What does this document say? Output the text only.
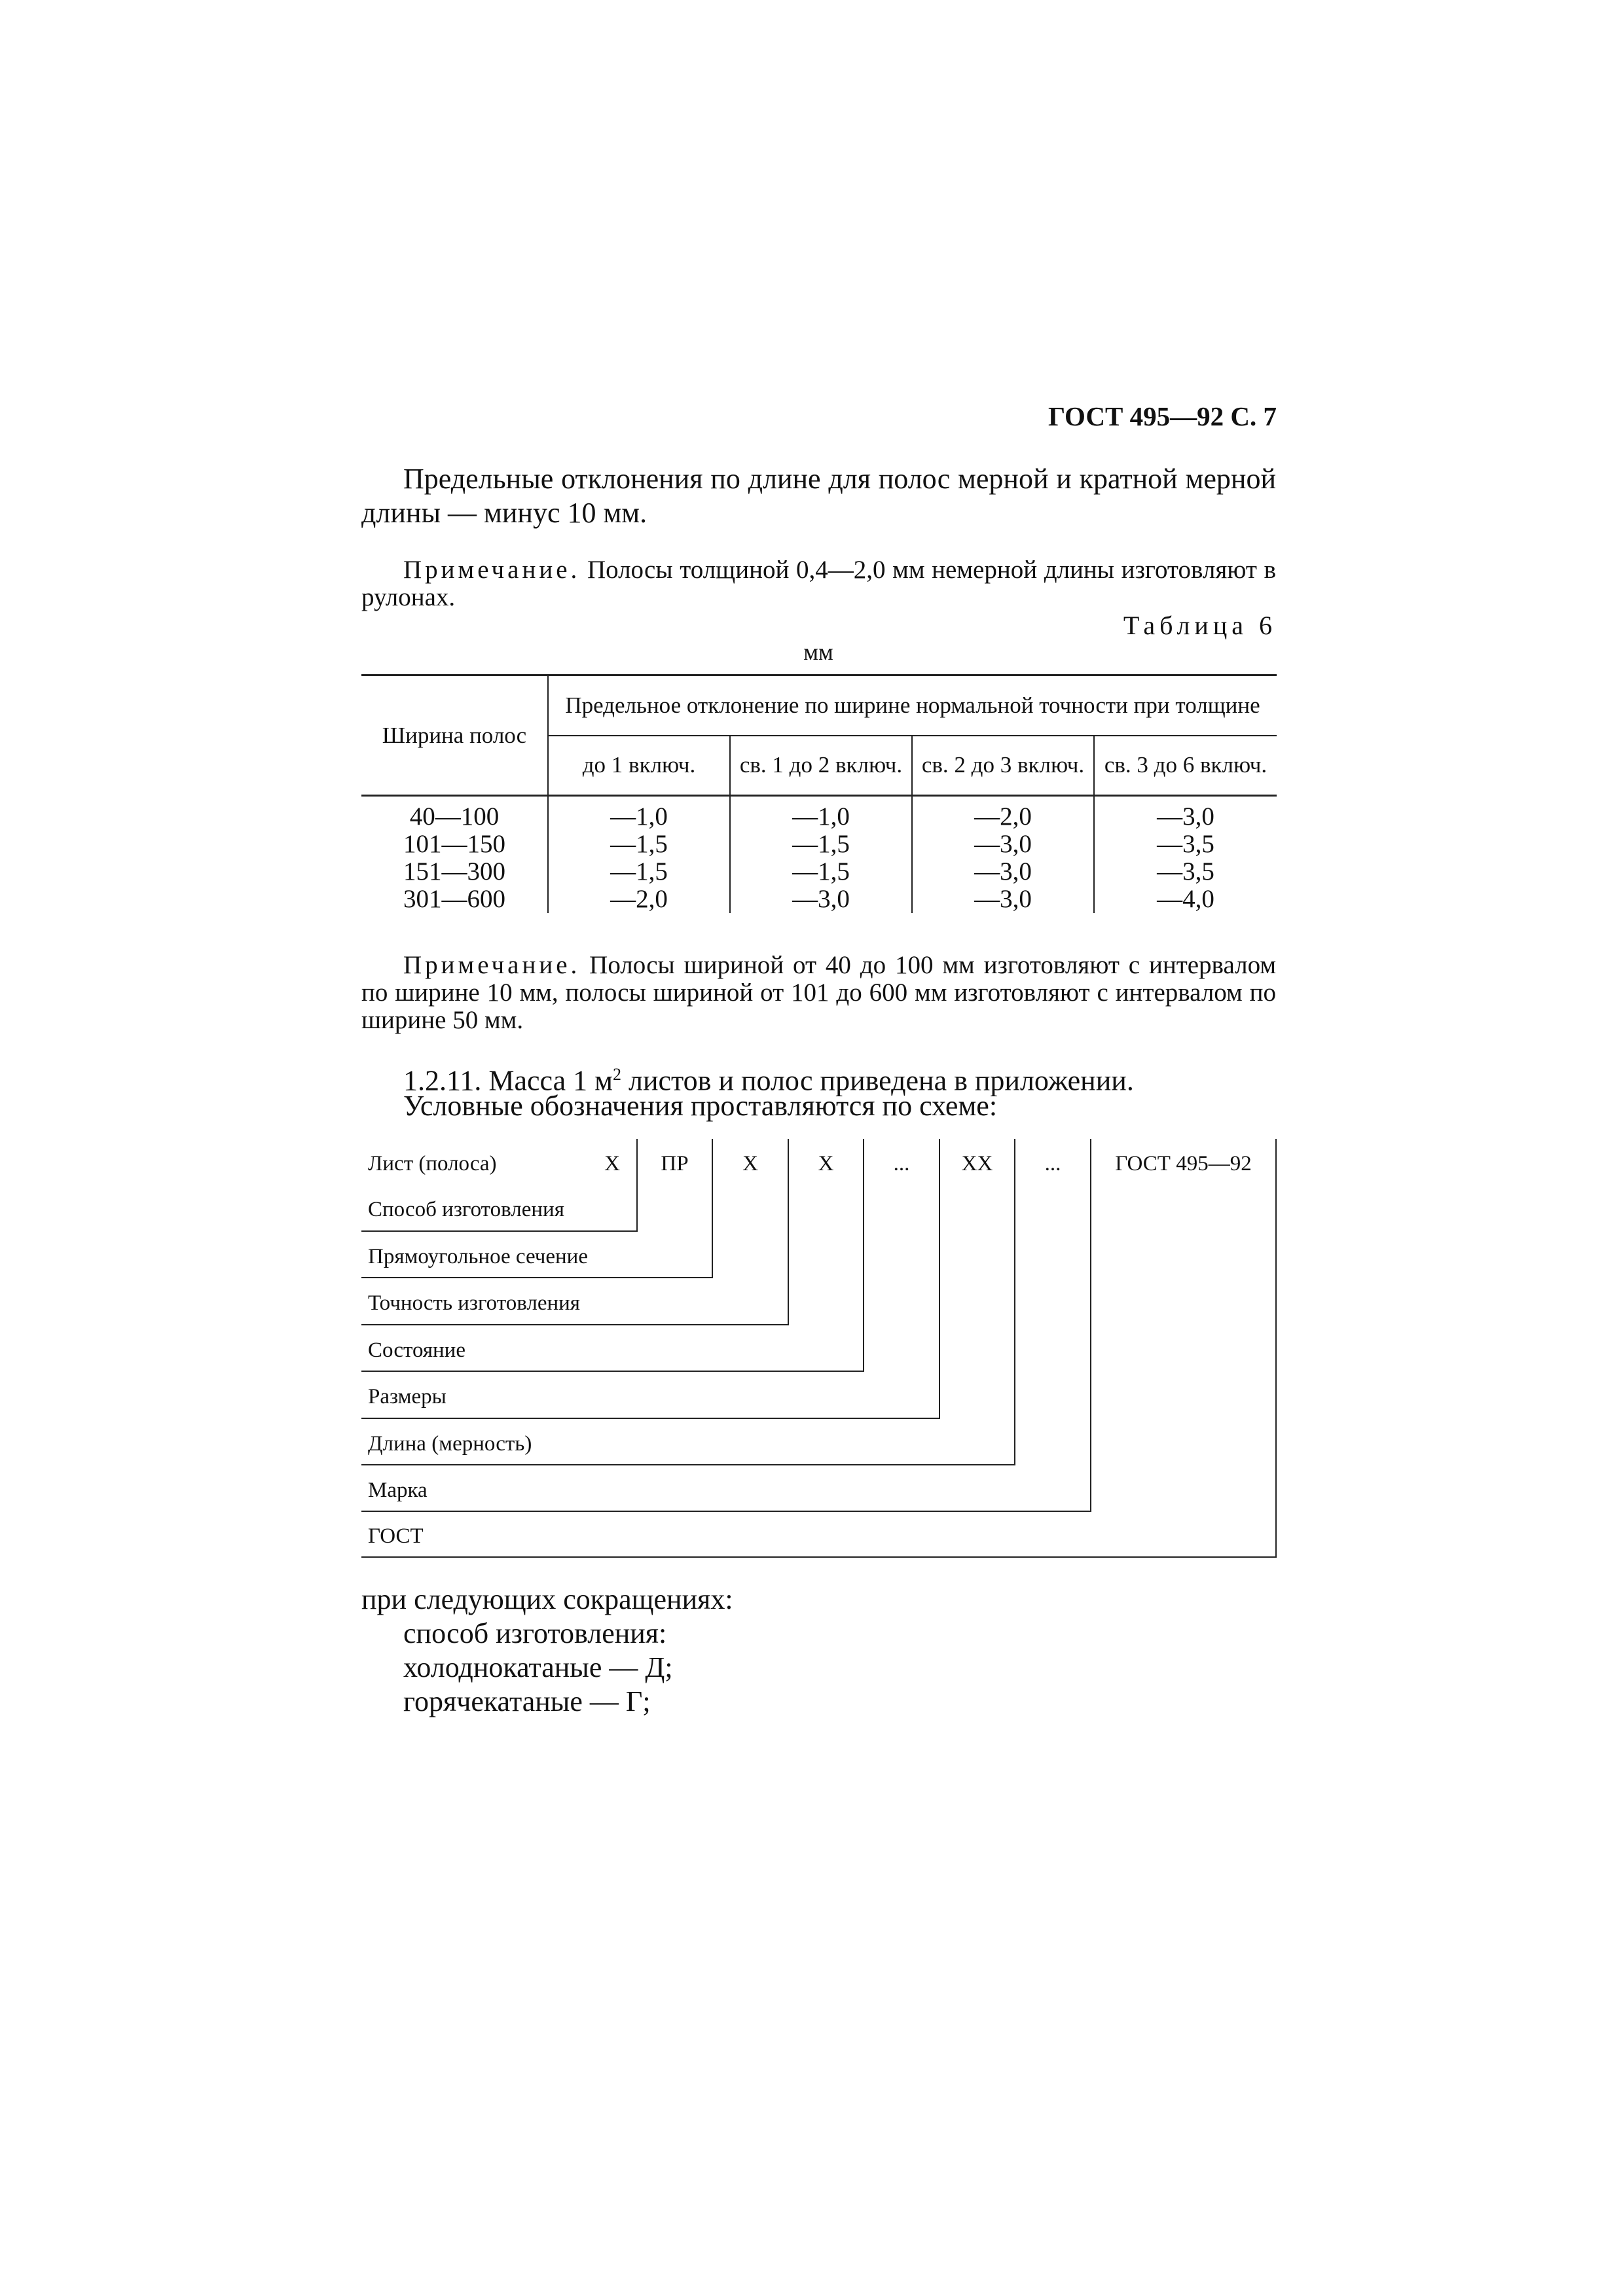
ГОСТ 495—92 С. 7
Предельные отклонения по длине для полос мерной и кратной мерной длины — минус 10 мм.
Примечание. Полосы толщиной 0,4—2,0 мм немерной длины изготовляют в рулонах.
Таблица 6
мм
Ширина полос	Предельное отклонение по ширине нормальной точности при толщине			
	до 1 включ.	св. 1 до 2 включ.	св. 2 до 3 включ.	св. 3 до 6 включ.
40—100	—1,0	—1,0	—2,0	—3,0
101—150	—1,5	—1,5	—3,0	—3,5
151—300	—1,5	—1,5	—3,0	—3,5
301—600	—2,0	—3,0	—3,0	—4,0
Примечание. Полосы шириной от 40 до 100 мм изготовляют с интервалом по ширине 10 мм, полосы шириной от 101 до 600 мм изготовляют с интервалом по ширине 50 мм.
1.2.11. Масса 1 $м^2$ листов и полос приведена в приложении.
Условные обозначения проставляются по схеме:
Лист (полоса)	X	ПР	X	X	...	XX	...	ГОСТ 495—92
Способ изготовления
Прямоугольное сечение
Точность изготовления
Состояние
Размеры
Длина (мерность)
Марка
ГОСТ
при следующих сокращениях:
способ изготовления:
холоднокатаные — Д;
горячекатаные — Г;
